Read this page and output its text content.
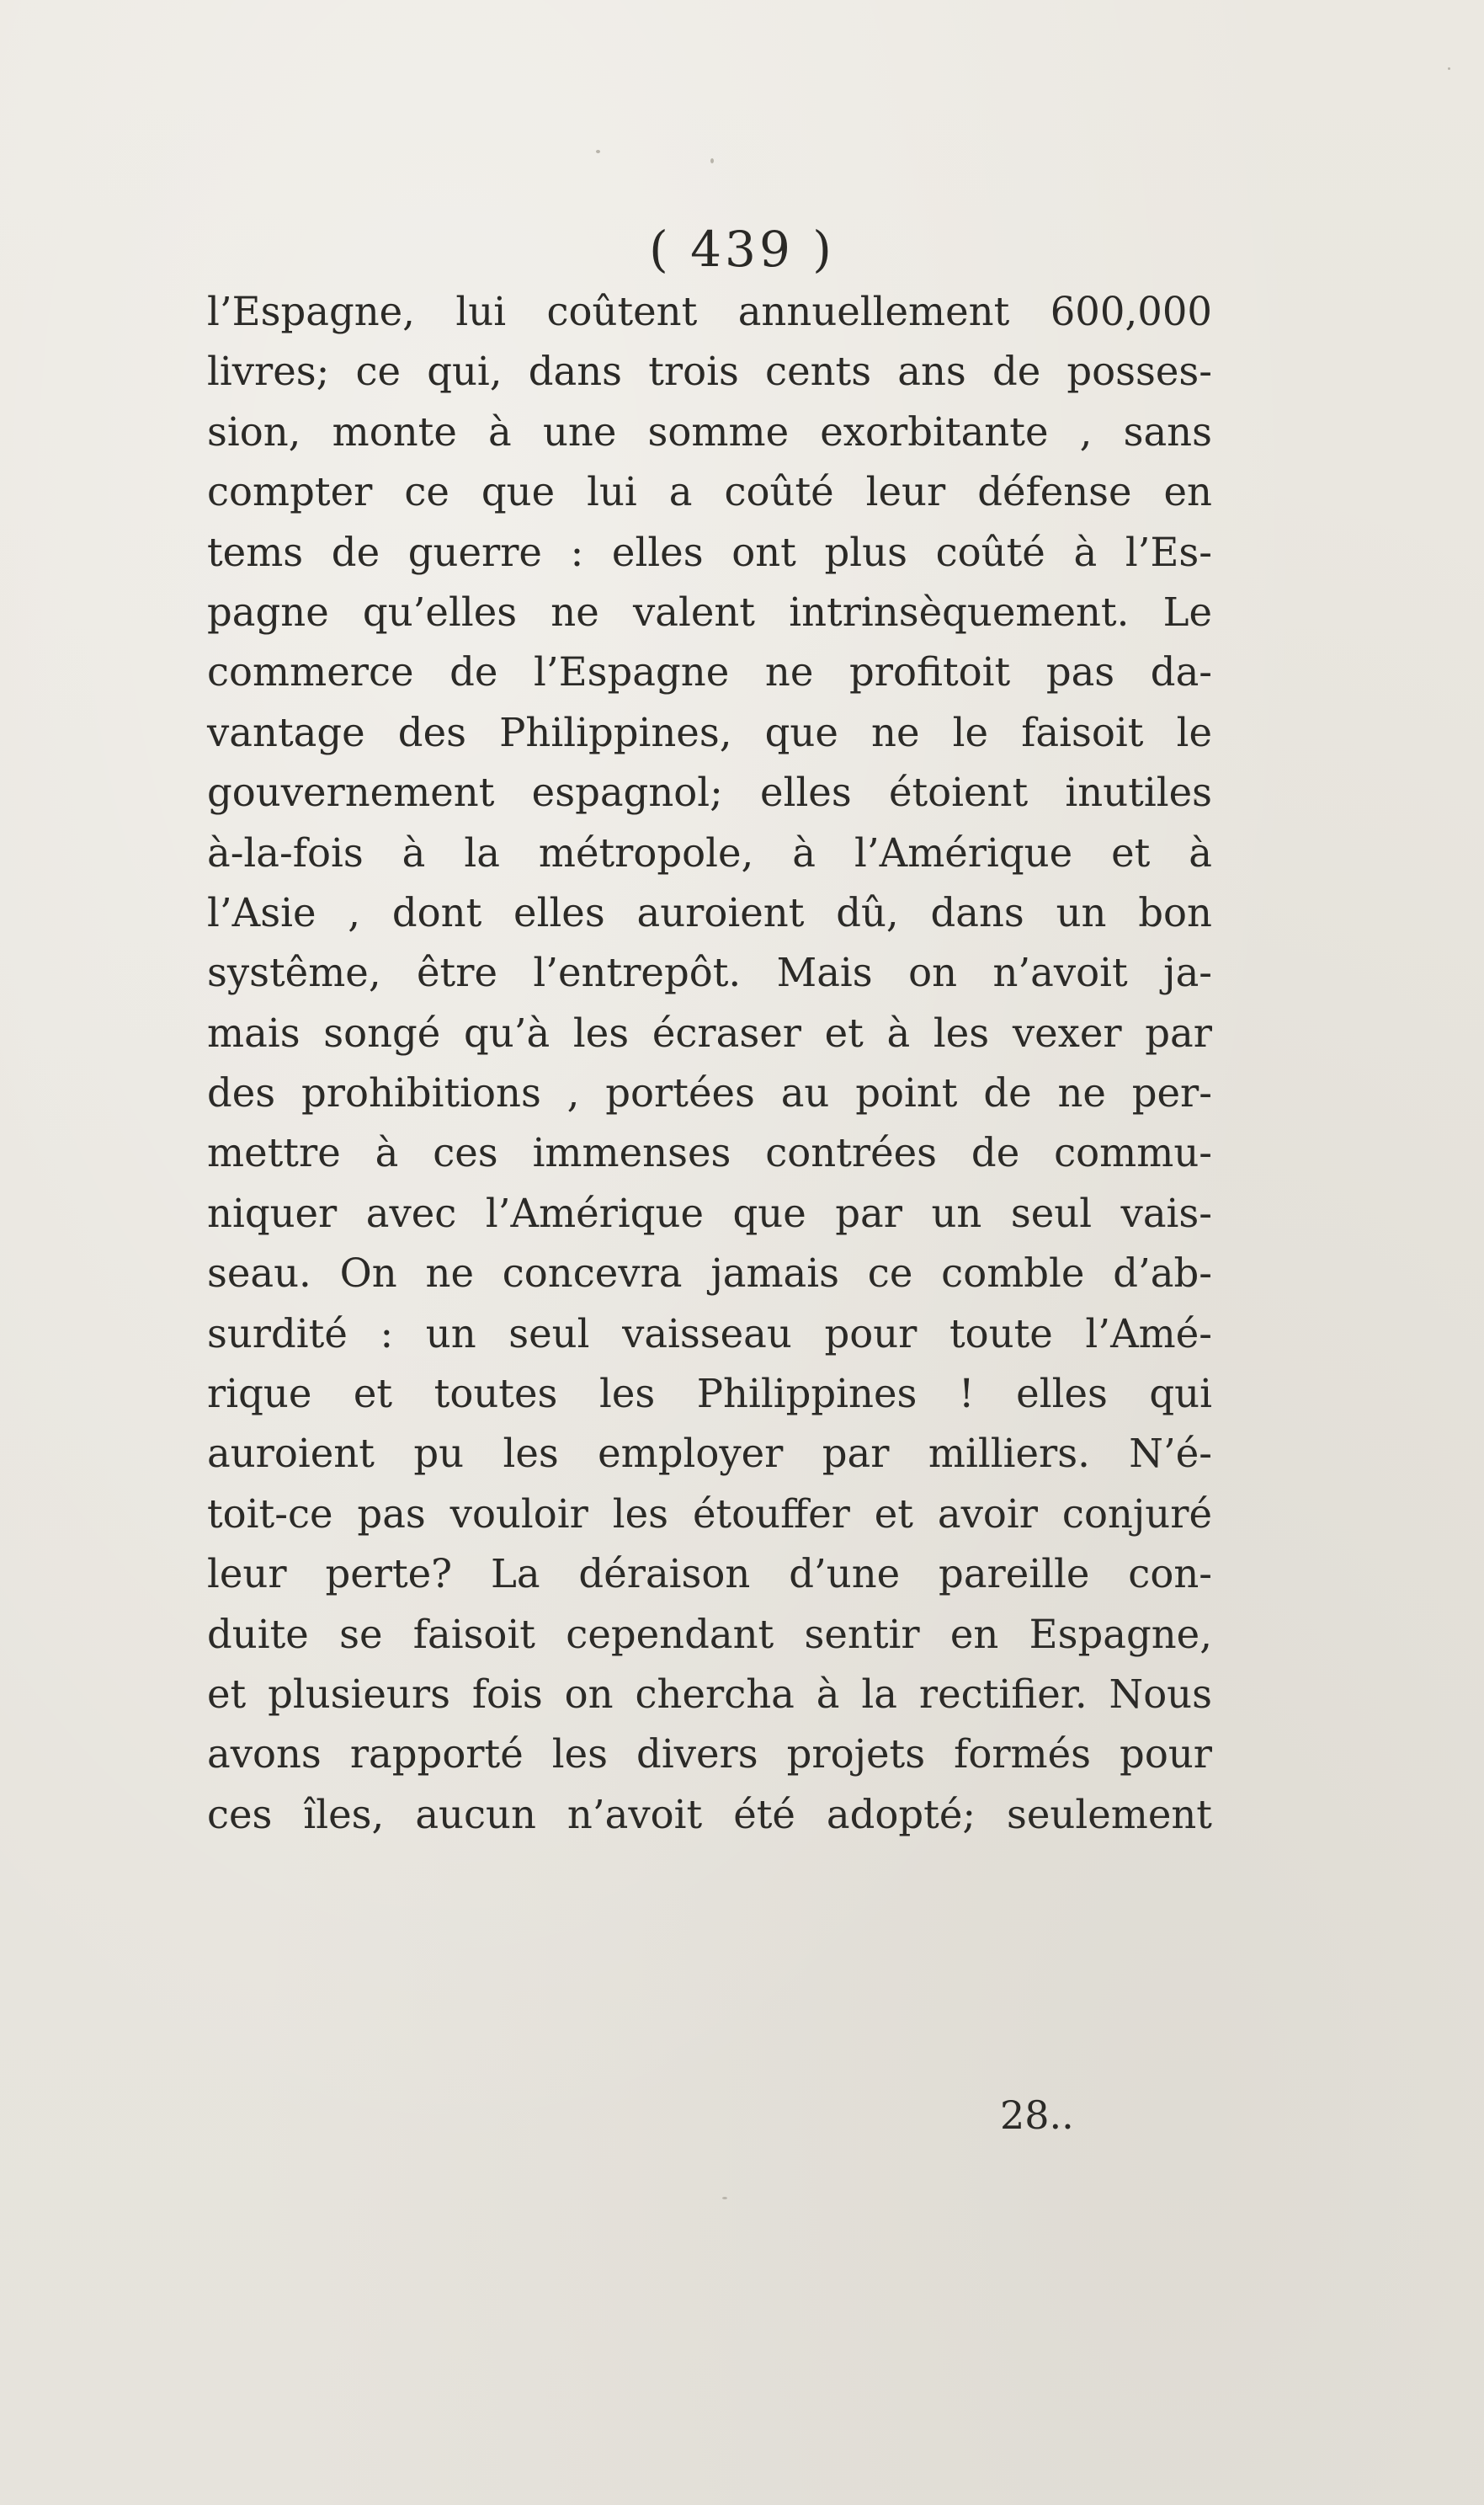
( 439 )
l’Espagne, lui coûtent annuellement 600,000
livres; ce qui, dans trois cents ans de posses-
sion, monte à une somme exorbitante , sans
compter ce que lui a coûté leur défense en
tems de guerre : elles ont plus coûté à l’Es-
pagne qu’elles ne valent intrinsèquement. Le
commerce de l’Espagne ne profitoit pas da-
vantage des Philippines, que ne le faisoit le
gouvernement espagnol; elles étoient inutiles
à-la-fois à la métropole, à l’Amérique et à
l’Asie , dont elles auroient dû, dans un bon
systême, être l’entrepôt. Mais on n’avoit ja-
mais songé qu’à les écraser et à les vexer par
des prohibitions , portées au point de ne per-
mettre à ces immenses contrées de commu-
niquer avec l’Amérique que par un seul vais-
seau. On ne concevra jamais ce comble d’ab-
surdité : un seul vaisseau pour toute l’Amé-
rique et toutes les Philippines ! elles qui
auroient pu les employer par milliers. N’é-
toit-ce pas vouloir les étouffer et avoir conjuré
leur perte? La déraison d’une pareille con-
duite se faisoit cependant sentir en Espagne,
et plusieurs fois on chercha à la rectifier. Nous
avons rapporté les divers projets formés pour
ces îles, aucun n’avoit été adopté; seulement
28..
